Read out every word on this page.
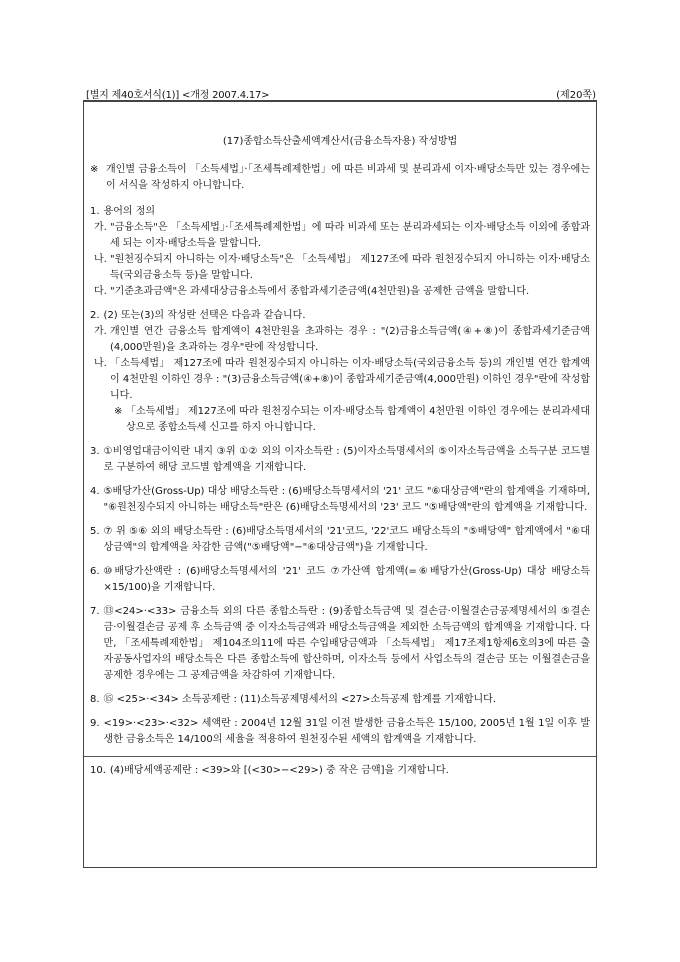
[별지 제40호서식(1)] <개정 2007.4.17>	(제20쪽)
(17)종합소득산출세액계산서(금융소득자용) 작성방법
※ 개인별 금융소득이 「소득세법」·「조세특례제한법」에 따른 비과세 및 분리과세 이자·배당소득만 있는 경우에는 이 서식을 작성하지 아니합니다.
1. 용어의 정의
가. "금융소득"은 「소득세법」·「조세특례제한법」에 따라 비과세 또는 분리과세되는 이자·배당소득 이외에 종합과세 되는 이자·배당소득을 말합니다.
나. "원천징수되지 아니하는 이자·배당소득"은 「소득세법」 제127조에 따라 원천징수되지 아니하는 이자·배당소득(국외금융소득 등)을 말합니다.
다. "기준초과금액"은 과세대상금융소득에서 종합과세기준금액(4천만원)을 공제한 금액을 말합니다.
2. (2) 또는(3)의 작성란 선택은 다음과 같습니다.
가. 개인별 연간 금융소득 합계액이 4천만원을 초과하는 경우 : "(2)금융소득금액(④+⑧)이 종합과세기준금액(4,000만원)을 초과하는 경우"란에 작성합니다.
나. 「소득세법」 제127조에 따라 원천징수되지 아니하는 이자·배당소득(국외금융소득 등)의 개인별 연간 합계액이 4천만원 이하인 경우 : "(3)금융소득금액(④+⑧)이 종합과세기준금액(4,000만원) 이하인 경우"란에 작성합니다.
※ 「소득세법」 제127조에 따라 원천징수되는 이자·배당소득 합계액이 4천만원 이하인 경우에는 분리과세대상으로 종합소득세 신고를 하지 아니합니다.
3. ①비영업대금이익란 내지 ③위 ①② 외의 이자소득란 : (5)이자소득명세서의 ⑤이자소득금액을 소득구분 코드별로 구분하여 해당 코드별 합계액을 기재합니다.
4. ⑤배당가산(Gross-Up) 대상 배당소득란 : (6)배당소득명세서의 '21' 코드 "⑥대상금액"란의 합계액을 기재하며, "⑥원천징수되지 아니하는 배당소득"란은 (6)배당소득명세서의 '23' 코드 "⑤배당액"란의 합계액을 기재합니다.
5. ⑦ 위 ⑤⑥ 외의 배당소득란 : (6)배당소득명세서의 '21'코드, '22'코드 배당소득의 "⑤배당액" 합계액에서 "⑥대상금액"의 합계액을 차감한 금액("⑤배당액"−"⑥대상금액")을 기재합니다.
6. ⑩배당가산액란 : (6)배당소득명세서의 '21' 코드 ⑦가산액 합계액(=⑥배당가산(Gross-Up) 대상 배당소득×15/100)을 기재합니다.
7. ⑬<24>·<33> 금융소득 외의 다른 종합소득란 : (9)종합소득금액 및 결손금·이월결손금공제명세서의 ⑤결손금·이월결손금 공제 후 소득금액 중 이자소득금액과 배당소득금액을 제외한 소득금액의 합계액을 기재합니다. 다만, 「조세특례제한법」 제104조의11에 따른 수입배당금액과 「소득세법」 제17조제1항제6호의3에 따른 출자공동사업자의 배당소득은 다른 종합소득에 합산하며, 이자소득 등에서 사업소득의 결손금 또는 이월결손금을 공제한 경우에는 그 공제금액을 차감하여 기재합니다.
8. ⑮ <25>·<34> 소득공제란 : (11)소득공제명세서의 <27>소득공제 합계를 기재합니다.
9. <19>·<23>·<32> 세액란 : 2004년 12월 31일 이전 발생한 금융소득은 15/100, 2005년 1월 1일 이후 발생한 금융소득은 14/100의 세율을 적용하여 원천징수된 세액의 합계액을 기재합니다.
10. (4)배당세액공제란 : <39>와 [(<30>−<29>) 중 작은 금액]을 기재합니다.
